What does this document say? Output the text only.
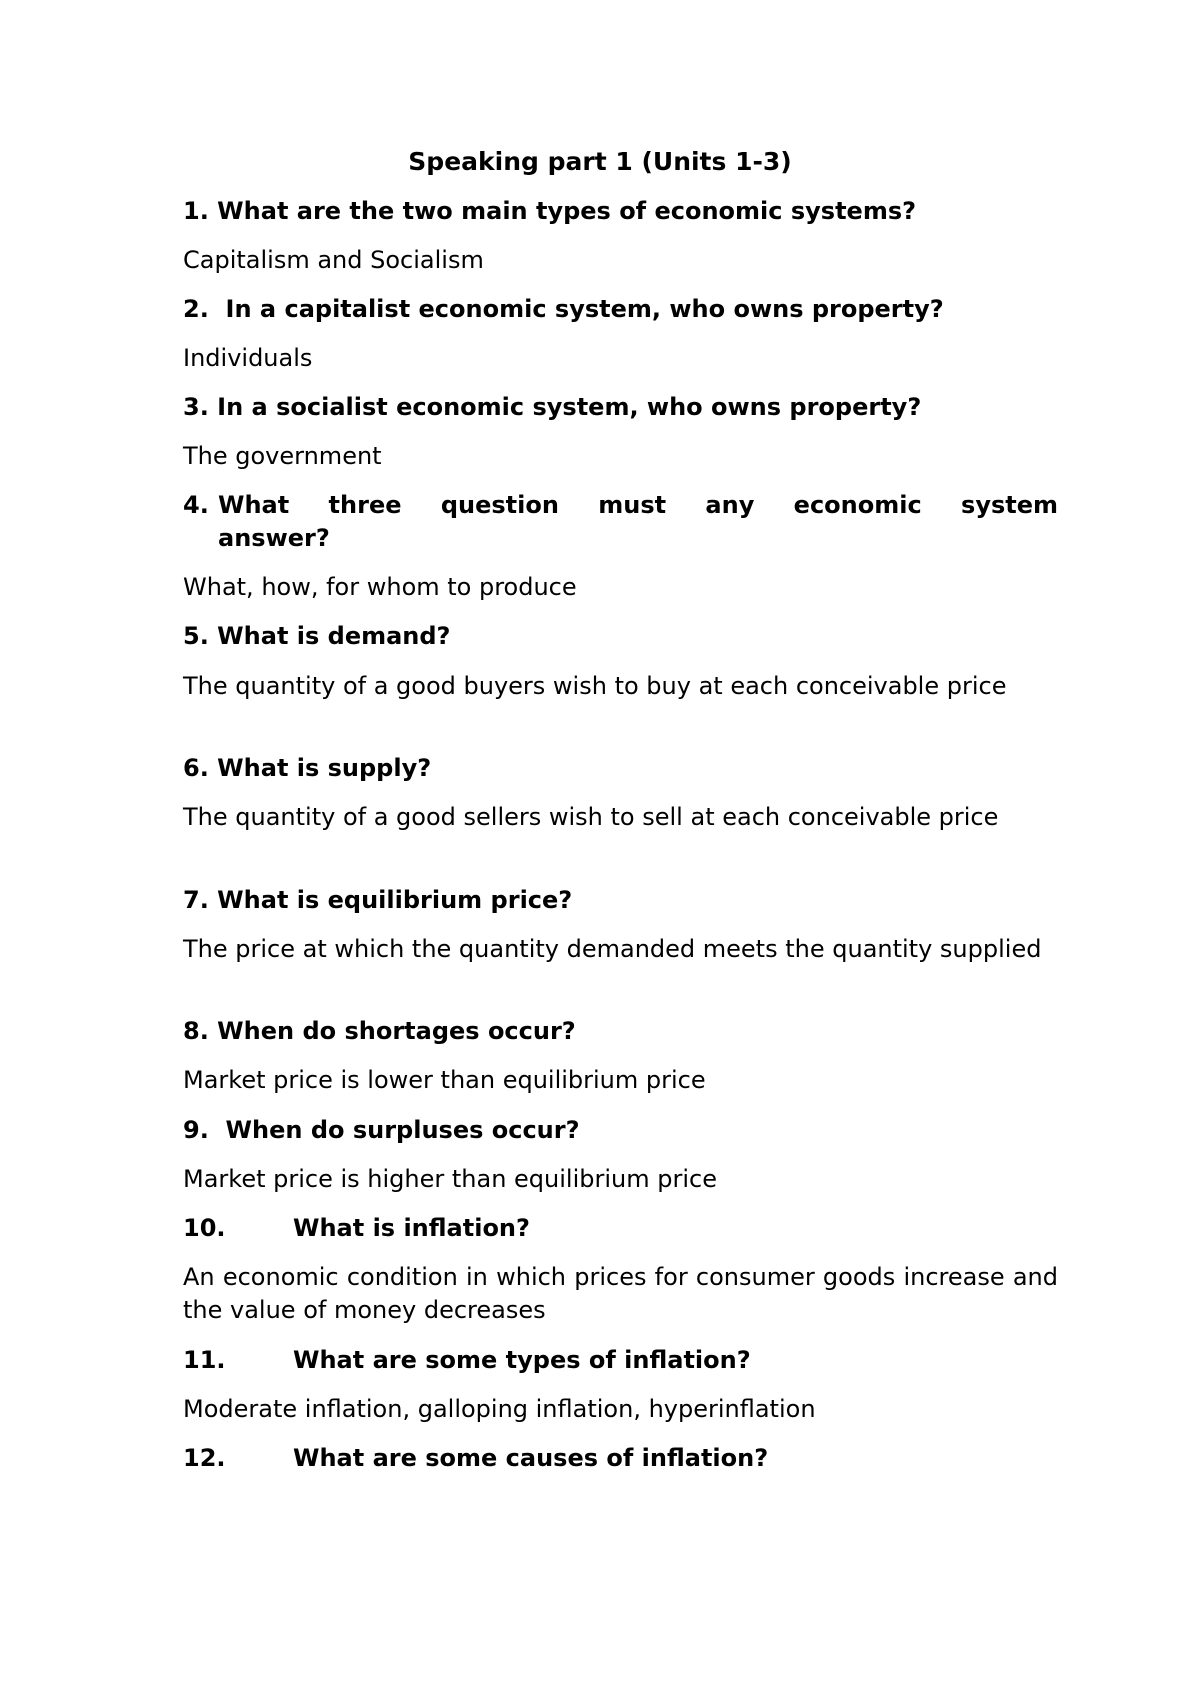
Speaking part 1 (Units 1-3)
1. What are the two main types of economic systems?
Capitalism and Socialism
2.  In a capitalist economic system, who owns property?
Individuals
3. In a socialist economic system, who owns property?
The government
4. What three question must any economic system
answer?
What, how, for whom to produce
5. What is demand?
The quantity of a good buyers wish to buy at each conceivable price
6. What is supply?
The quantity of a good sellers wish to sell at each conceivable price
7. What is equilibrium price?
The price at which the quantity demanded meets the quantity supplied
8. When do shortages occur?
Market price is lower than equilibrium price
9.  When do surpluses occur?
Market price is higher than equilibrium price
10.	What is inflation?
An economic condition in which prices for consumer goods increase and the value of money decreases
11.	What are some types of inflation?
Moderate inflation, galloping inflation, hyperinflation
12.	What are some causes of inflation?
